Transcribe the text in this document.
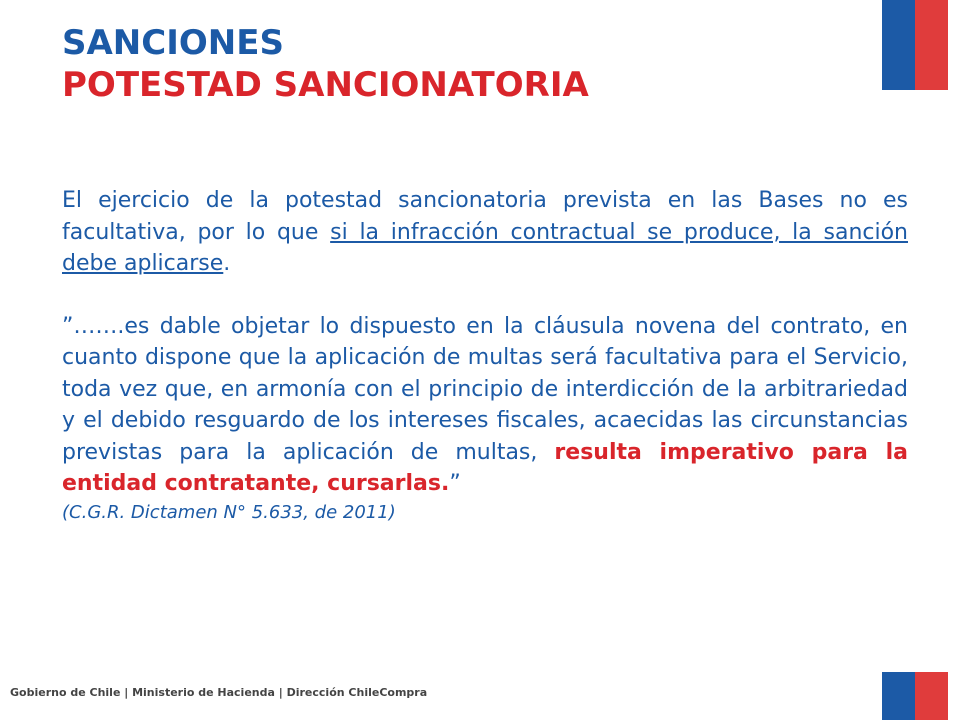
SANCIONES
POTESTAD SANCIONATORIA

El ejercicio de la potestad sancionatoria prevista en las Bases no es facultativa, por lo que si la infracción contractual se produce, la sanción debe aplicarse.

”…….es dable objetar lo dispuesto en la cláusula novena del contrato, en cuanto dispone que la aplicación de multas será facultativa para el Servicio, toda vez que, en armonía con el principio de interdicción de la arbitrariedad y el debido resguardo de los intereses fiscales, acaecidas las circunstancias previstas para la aplicación de multas, resulta imperativo para la entidad contratante, cursarlas.”
(C.G.R. Dictamen N° 5.633, de 2011)

Gobierno de Chile | Ministerio de Hacienda | Dirección ChileCompra
